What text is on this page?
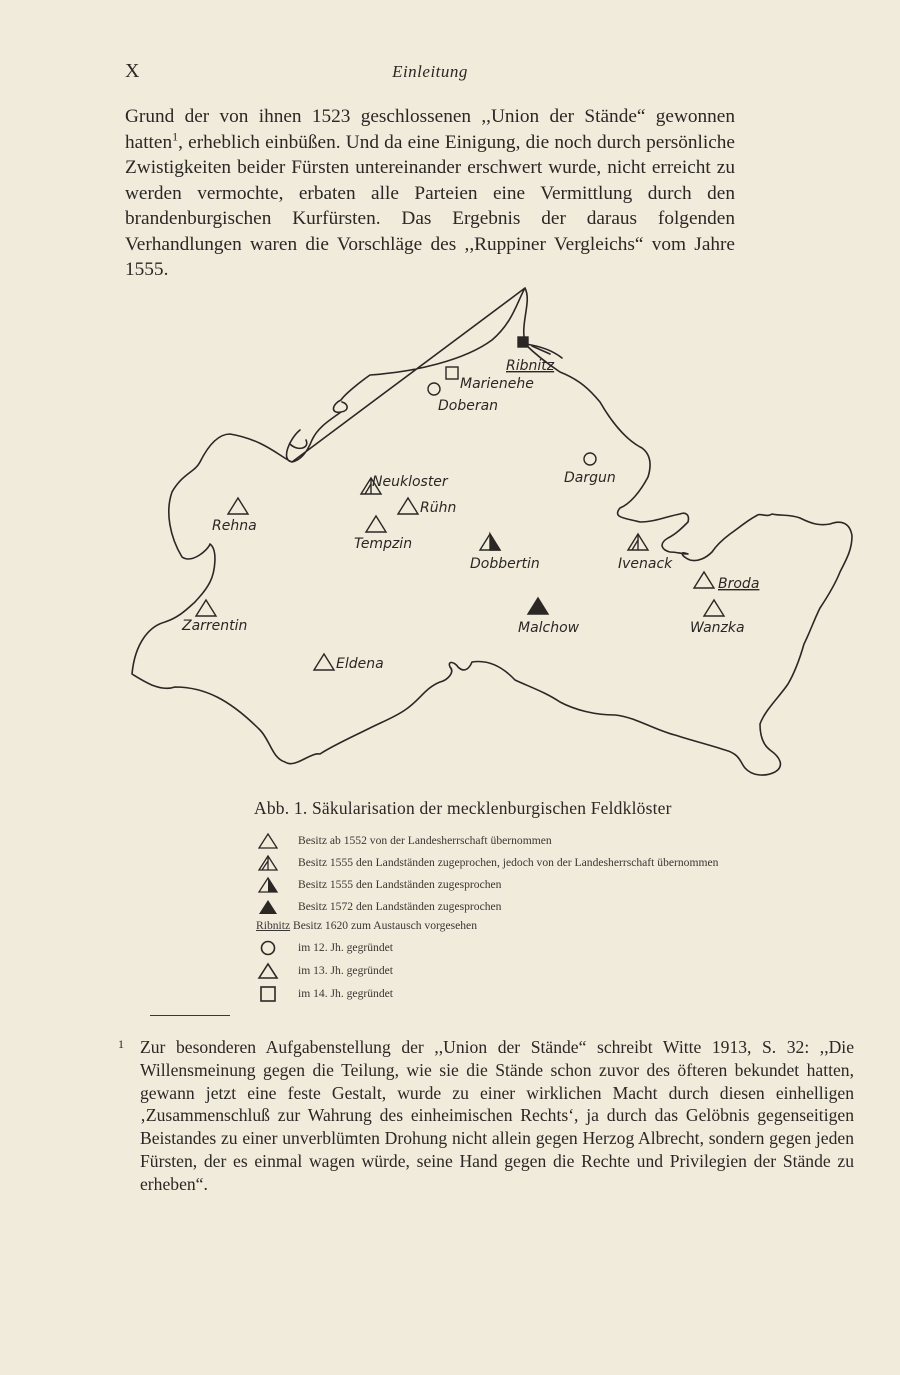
X	Einleitung

Grund der von ihnen 1523 geschlossenen ,,Union der Stände“ gewonnen hatten$^1$, erheblich einbüßen. Und da eine Einigung, die noch durch persönliche Zwistigkeiten beider Fürsten untereinander erschwert wurde, nicht erreicht zu werden vermochte, erbaten alle Parteien eine Vermittlung durch den brandenburgischen Kurfürsten. Das Ergebnis der daraus folgenden Verhandlungen waren die Vorschläge des ,,Ruppiner Vergleichs“ vom Jahre 1555.

Ribnitz
Marienehe
Doberan
Dargun
Neukloster
Rühn
Rehna
Tempzin
Dobbertin	Ivenack
Broda
Wanzka
Zarrentin	Malchow
Eldena
Abb. 1. Säkularisation der mecklenburgischen Feldklöster
Besitz ab 1552 von der Landesherrschaft übernommen
Besitz 1555 den Landständen zugeprochen, jedoch von der Landesherrschaft übernommen
Besitz 1555 den Landständen zugesprochen
Besitz 1572 den Landständen zugesprochen
Ribnitz Besitz 1620 zum Austausch vorgesehen
im 12. Jh. gegründet
im 13. Jh. gegründet
im 14. Jh. gegründet
1 Zur besonderen Aufgabenstellung der ,,Union der Stände“ schreibt Witte 1913, S. 32: ,,Die Willensmeinung gegen die Teilung, wie sie die Stände schon zuvor des öfteren bekundet hatten, gewann jetzt eine feste Gestalt, wurde zu einer wirklichen Macht durch diesen einhelligen ‚Zusammenschluß zur Wahrung des einheimischen Rechts‘, ja durch das Gelöbnis gegenseitigen Beistandes zu einer unverblümten Drohung nicht allein gegen Herzog Albrecht, sondern gegen jeden Fürsten, der es einmal wagen würde, seine Hand gegen die Rechte und Privilegien der Stände zu erheben“.
